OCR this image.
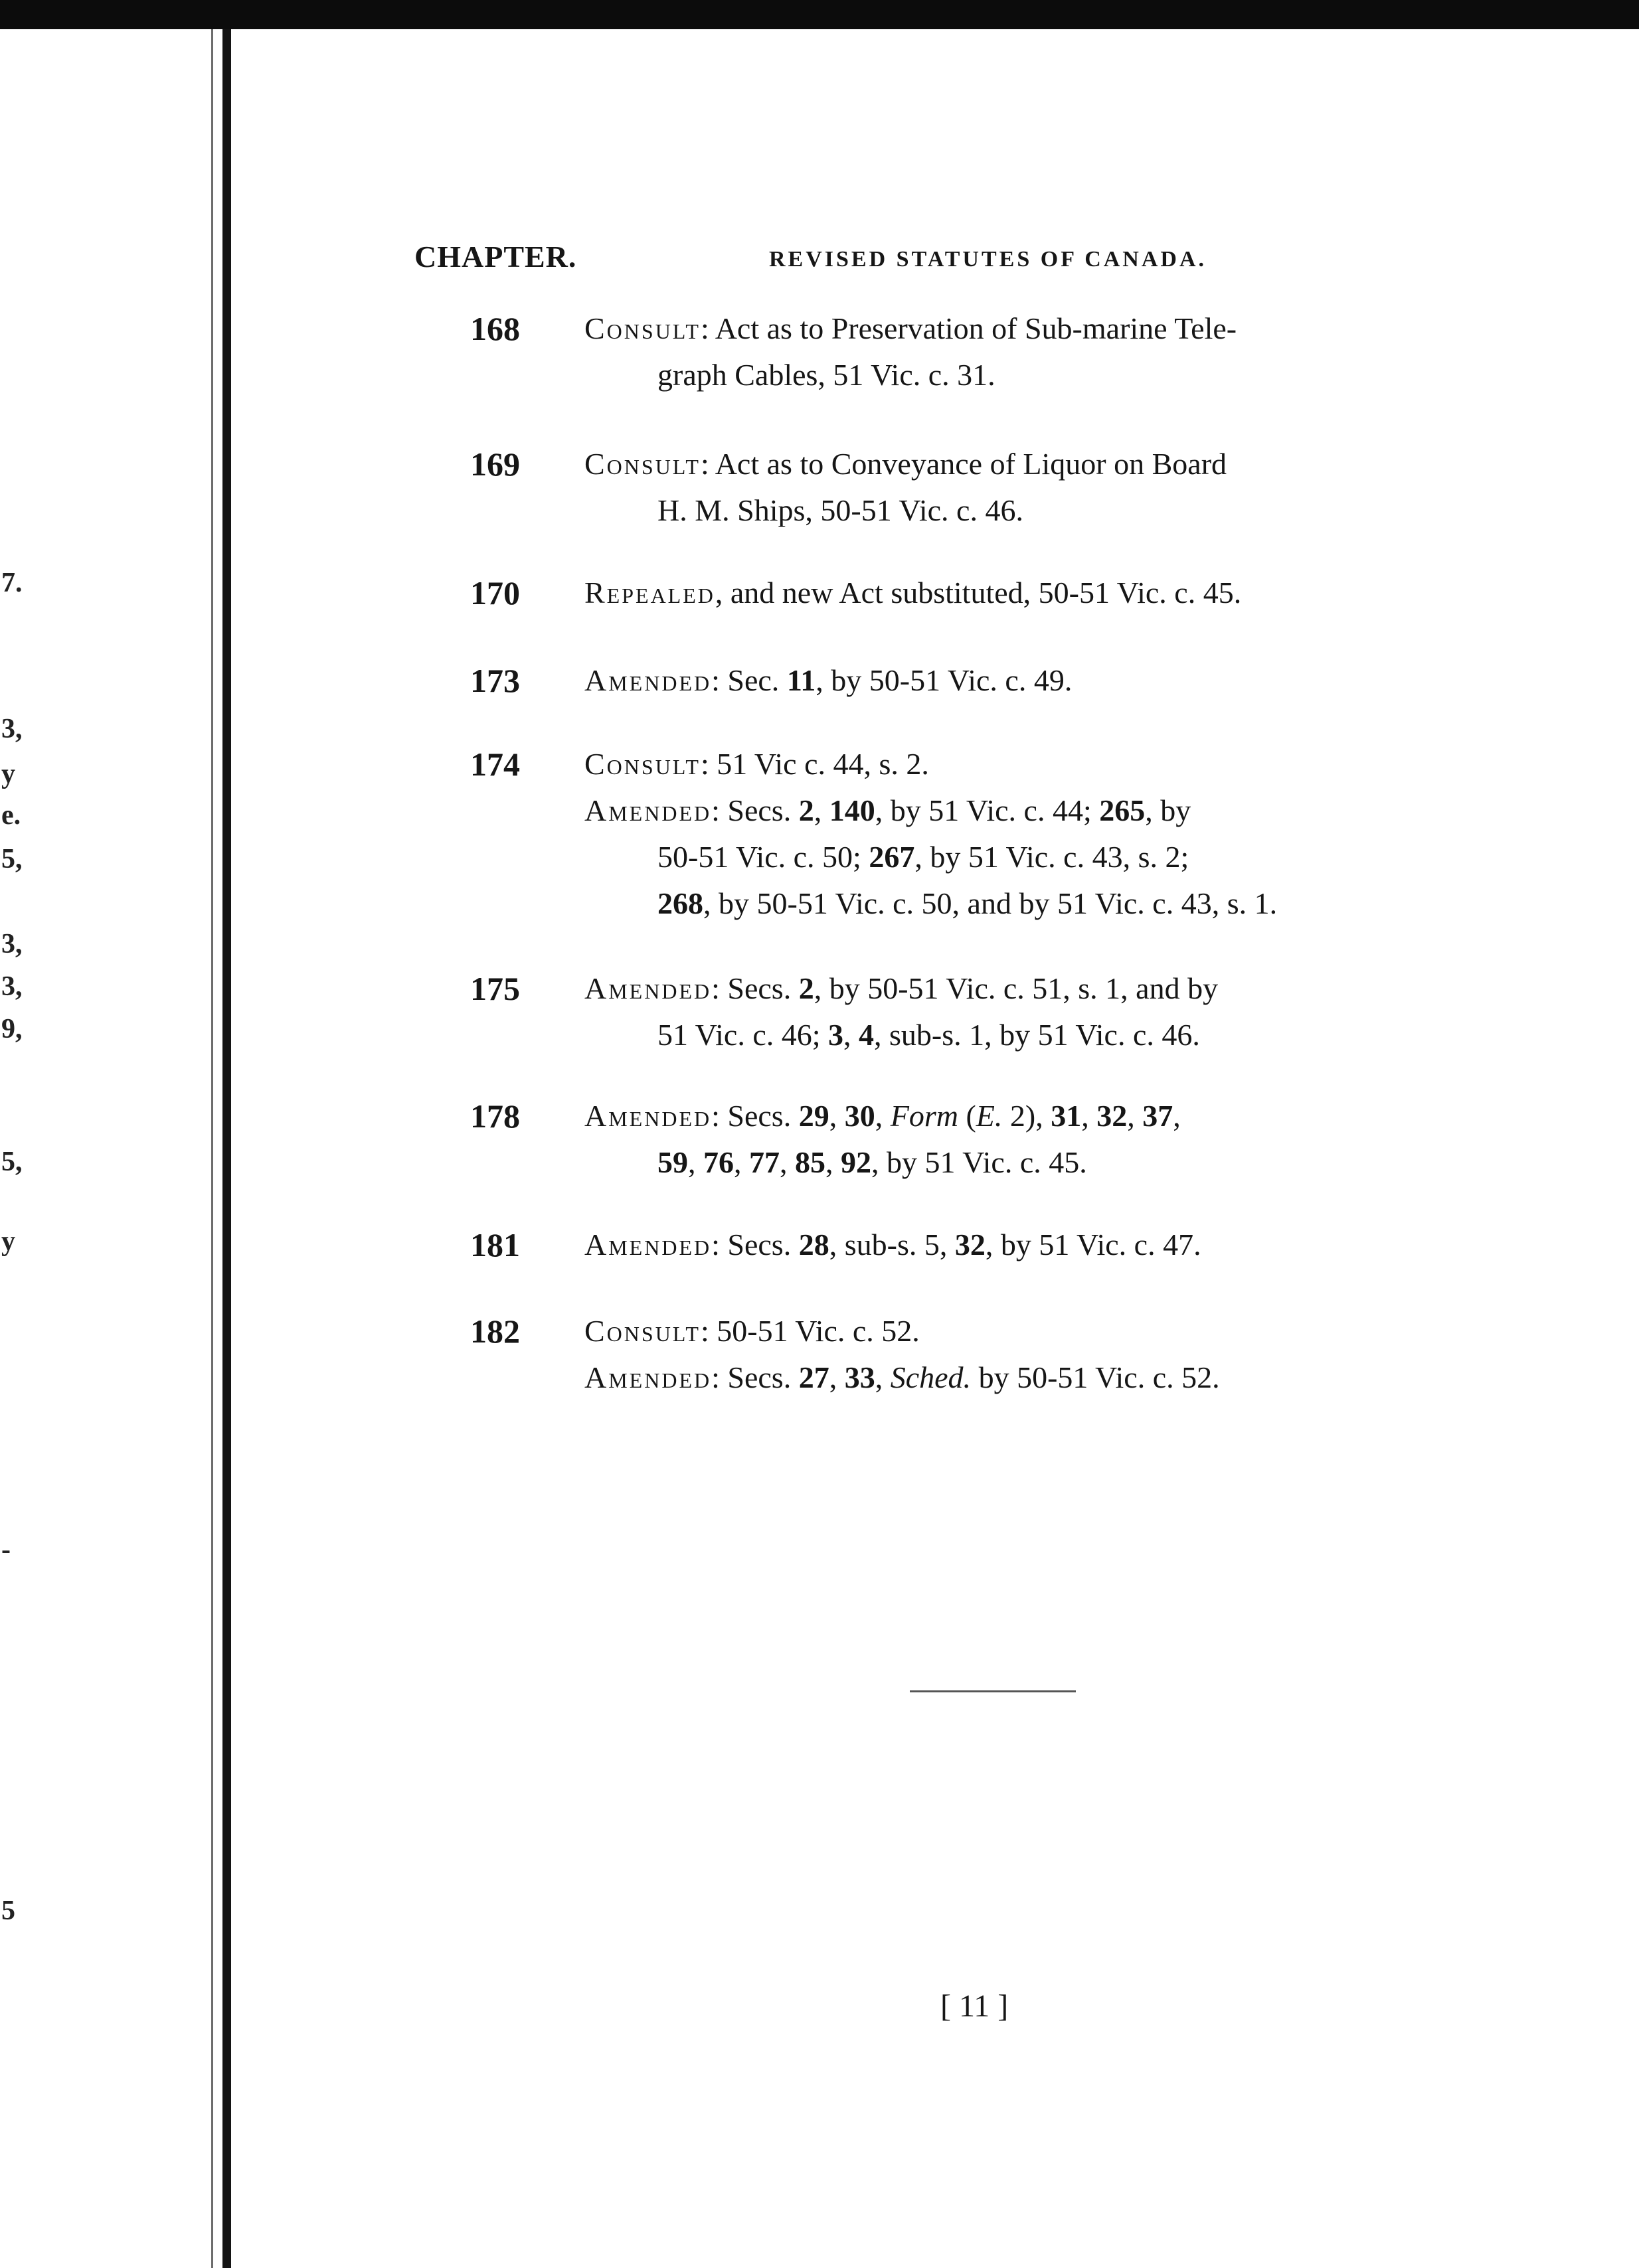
7.
3,
y
e.
5,
3,
3,
9,
5,
y
-
5
CHAPTER.	REVISED STATUTES OF CANADA.
168 Consult: Act as to Preservation of Sub-marine Tele-
graph Cables, 51 Vic. c. 31.
169 Consult: Act as to Conveyance of Liquor on Board
H. M. Ships, 50-51 Vic. c. 46.
170 Repealed, and new Act substituted, 50-51 Vic. c. 45.
173 Amended: Sec. 11, by 50-51 Vic. c. 49.
174 Consult: 51 Vic c. 44, s. 2.
Amended: Secs. 2, 140, by 51 Vic. c. 44; 265, by
50-51 Vic. c. 50; 267, by 51 Vic. c. 43, s. 2;
268, by 50-51 Vic. c. 50, and by 51 Vic. c. 43, s. 1.
175 Amended: Secs. 2, by 50-51 Vic. c. 51, s. 1, and by
51 Vic. c. 46; 3, 4, sub-s. 1, by 51 Vic. c. 46.
178 Amended: Secs. 29, 30, Form (E. 2), 31, 32, 37,
59, 76, 77, 85, 92, by 51 Vic. c. 45.
181 Amended: Secs. 28, sub-s. 5, 32, by 51 Vic. c. 47.
182 Consult: 50-51 Vic. c. 52.
Amended: Secs. 27, 33, Sched. by 50-51 Vic. c. 52.
[ 11 ]
